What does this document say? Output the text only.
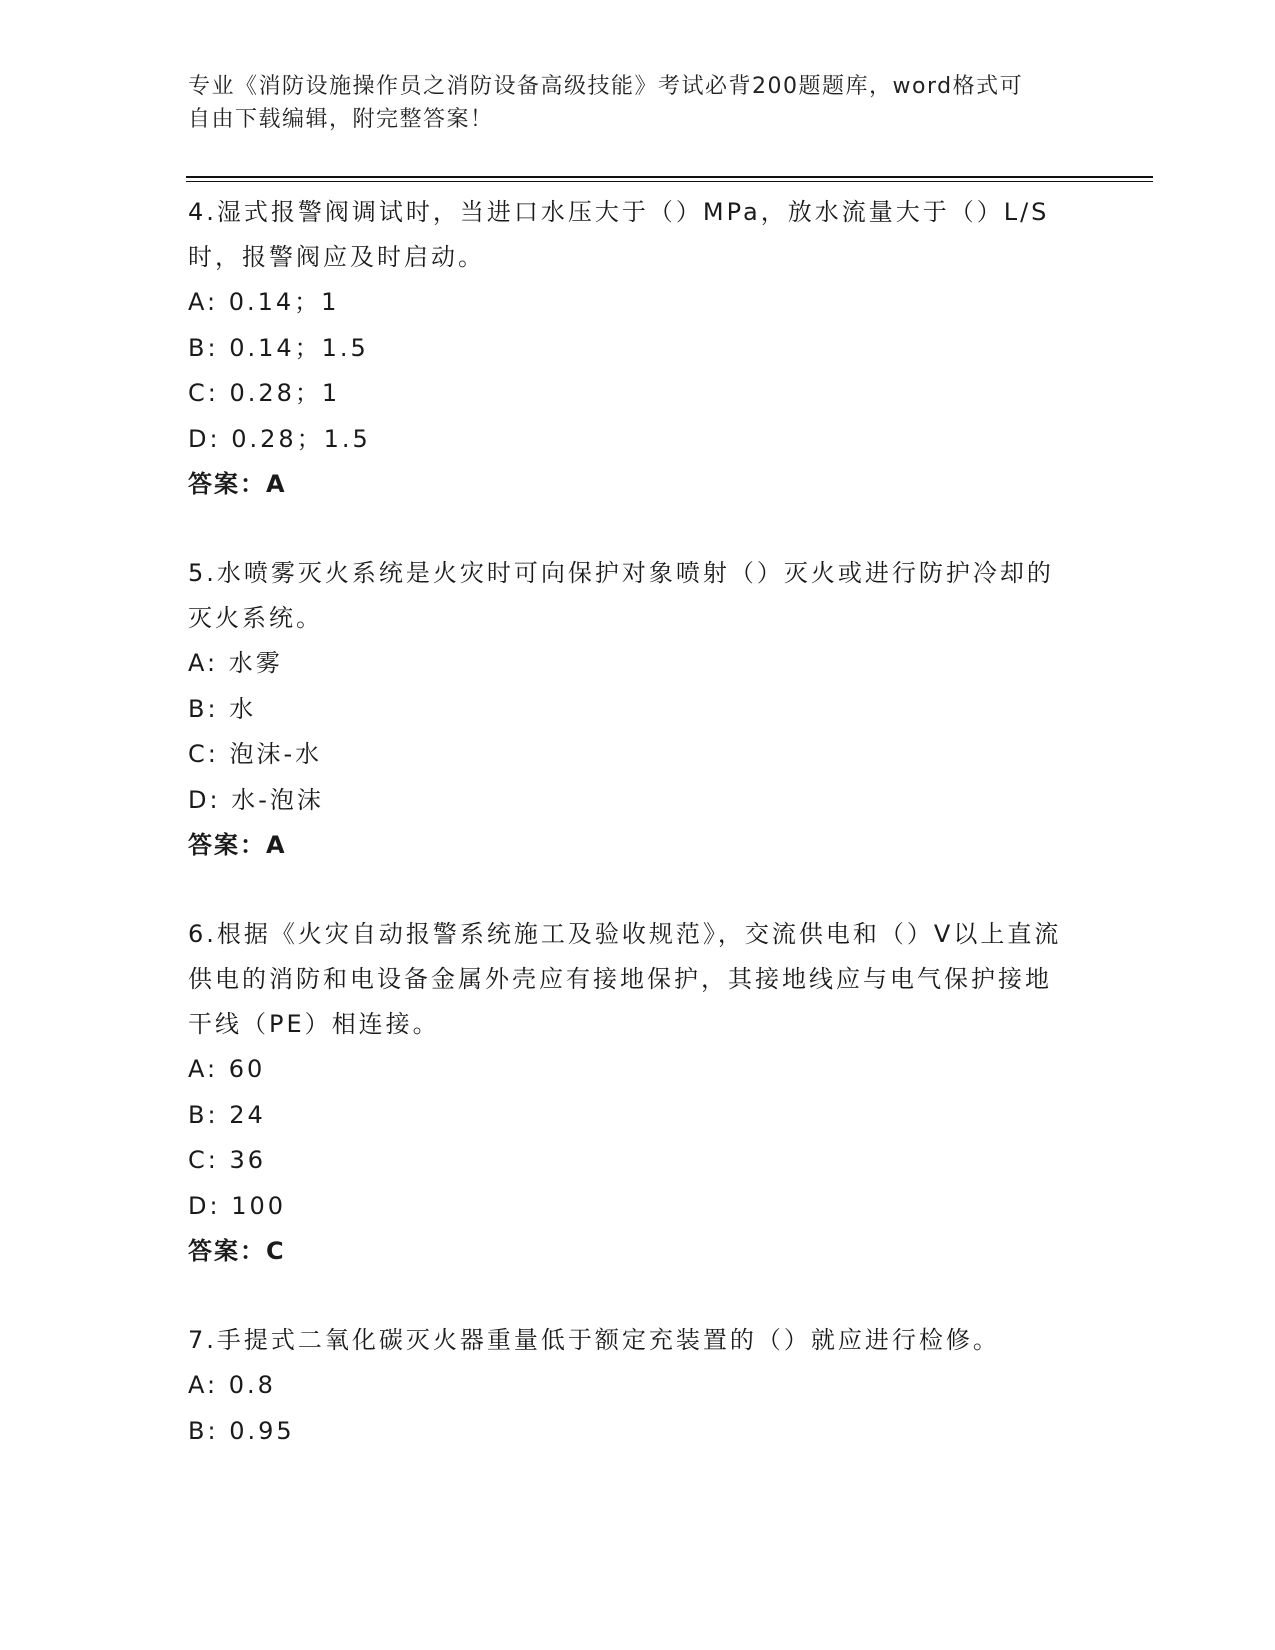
专业《消防设施操作员之消防设备高级技能》考试必背200题题库，word格式可
自由下载编辑，附完整答案！
4.湿式报警阀调试时，当进口水压大于（）MPa，放水流量大于（）L/S时，报警阀应及时启动。
A: 0.14；1
B: 0.14；1.5
C: 0.28；1
D: 0.28；1.5
答案：A
5.水喷雾灭火系统是火灾时可向保护对象喷射（）灭火或进行防护冷却的灭火系统。
A: 水雾
B: 水
C: 泡沫-水
D: 水-泡沫
答案：A
6.根据《火灾自动报警系统施工及验收规范》，交流供电和（）V以上直流供电的消防和电设备金属外壳应有接地保护，其接地线应与电气保护接地干线（PE）相连接。
A: 60
B: 24
C: 36
D: 100
答案：C
7.手提式二氧化碳灭火器重量低于额定充装置的（）就应进行检修。
A: 0.8
B: 0.95
